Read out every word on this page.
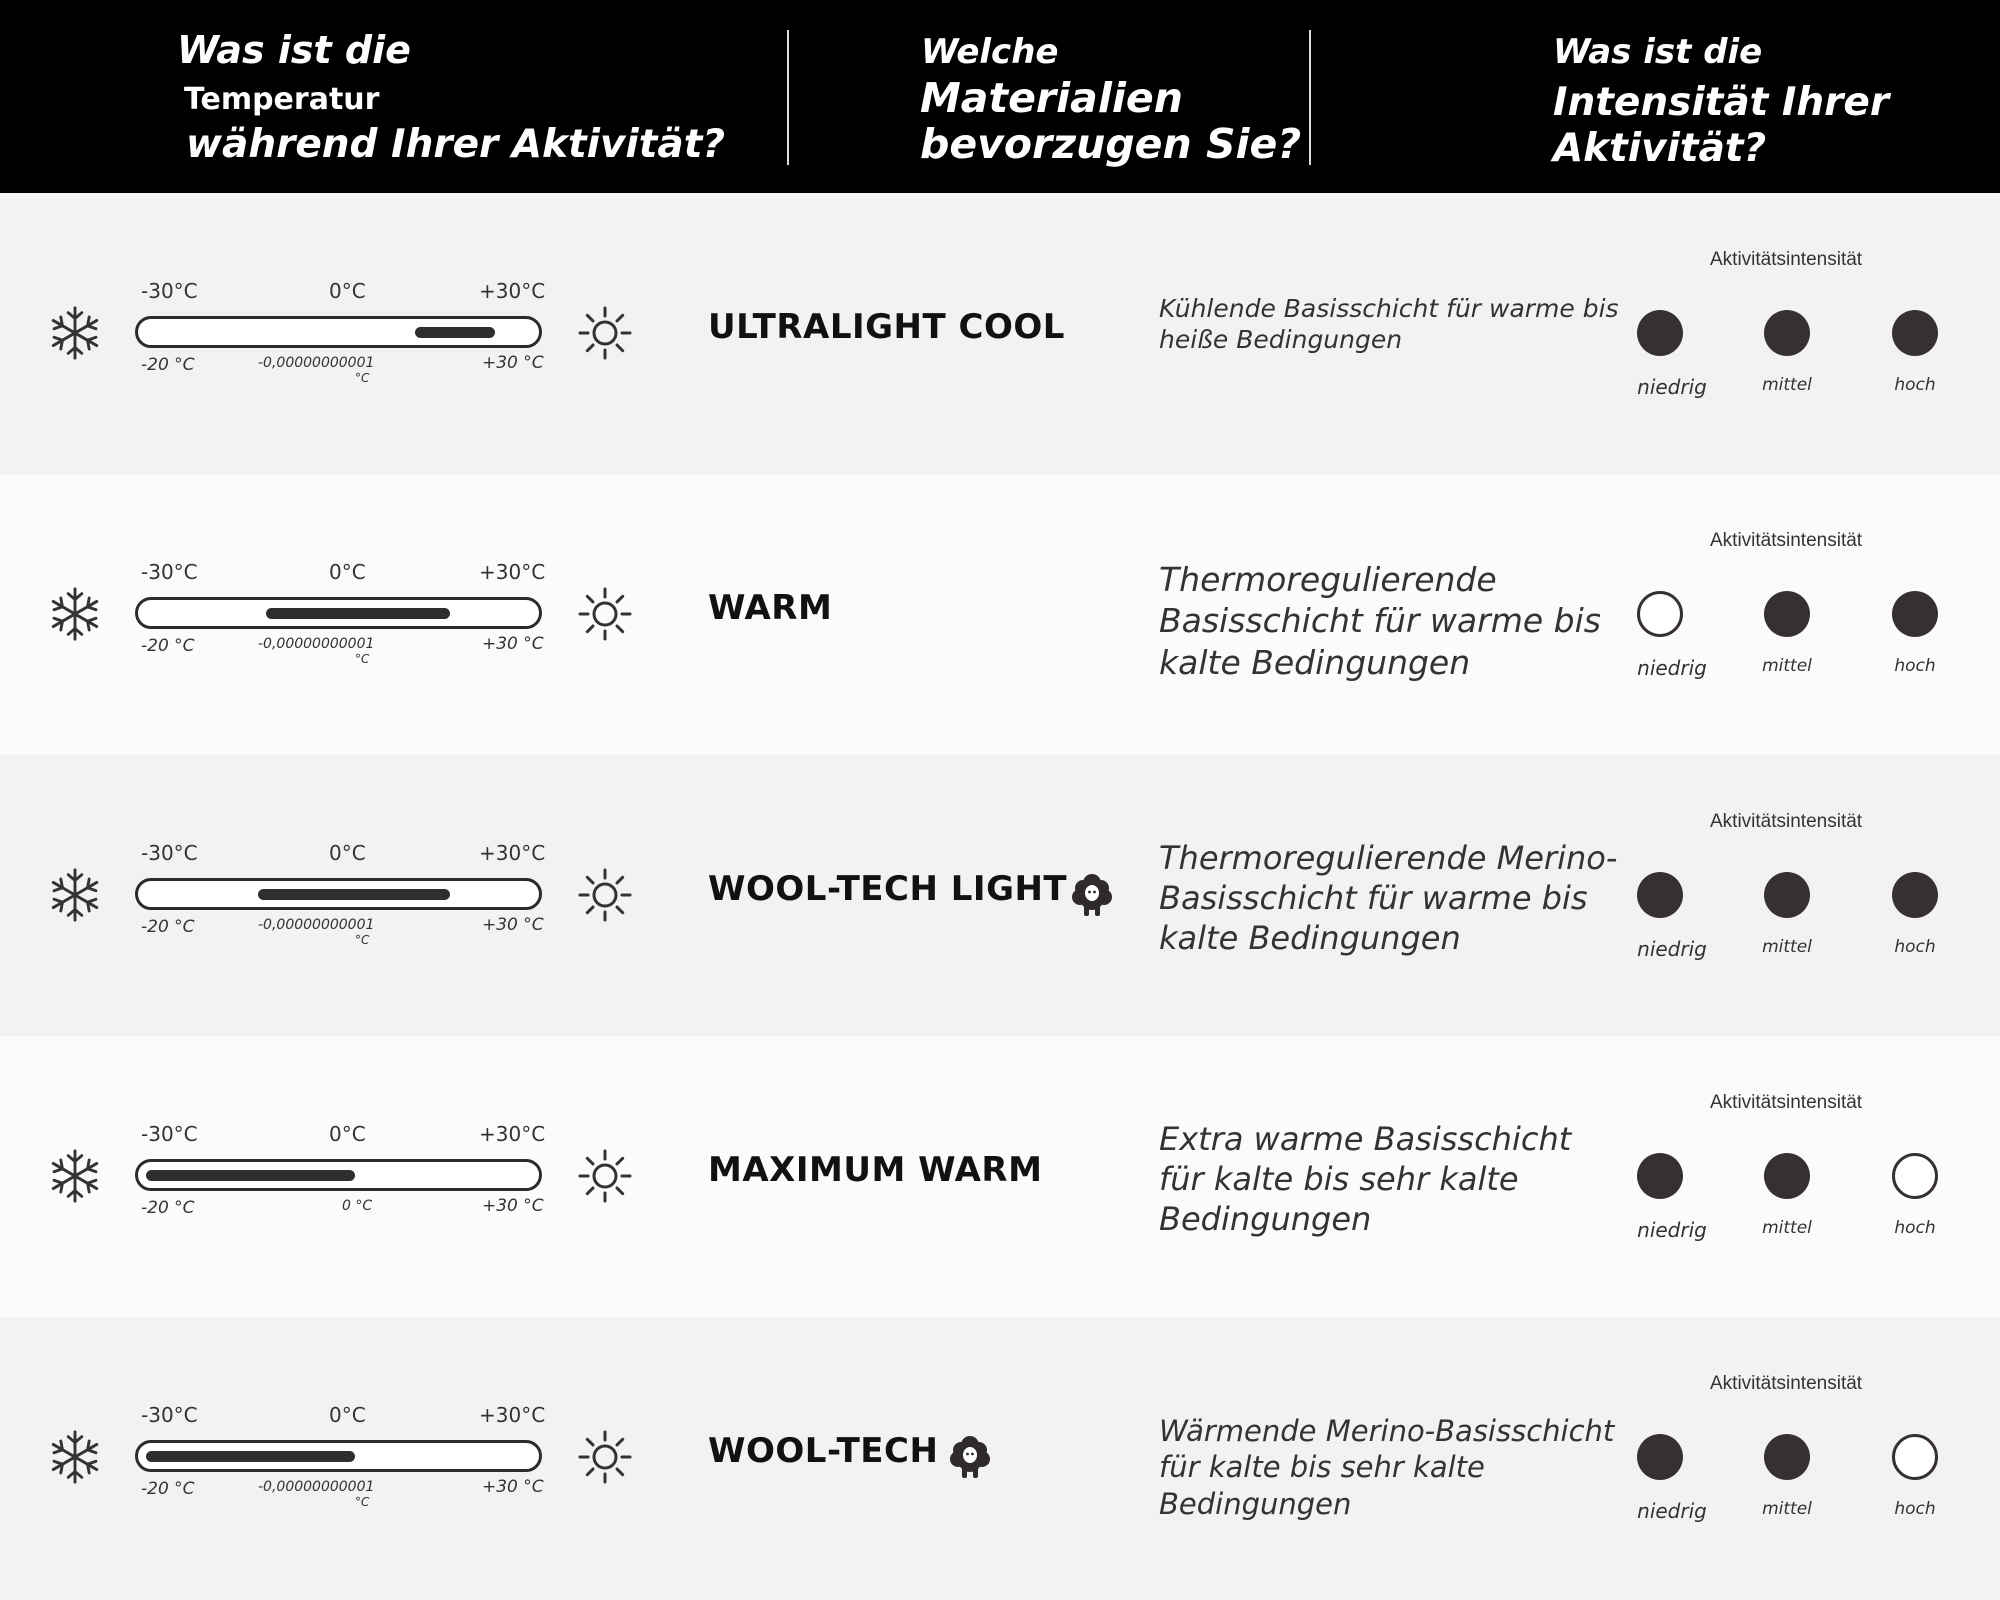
Was ist die
Temperatur
während Ihrer Aktivität?
Welche
Materialien
bevorzugen Sie?
Was ist die
Intensität Ihrer
Aktivität?
-30°C	0°C	+30°C
-20 °C	-0,00000000001
°C
+30 °C
ULTRALIGHT COOL	Kühlende Basisschicht für warme bis heiße Bedingungen
Aktivitätsintensität
niedrig	mittel	hoch
-30°C	0°C	+30°C
-20 °C	-0,00000000001
°C
+30 °C
WARM
Thermoregulierende Basisschicht für warme bis kalte Bedingungen
Aktivitätsintensität
niedrig	mittel	hoch
-30°C	0°C	+30°C
-20 °C	-0,00000000001
°C
+30 °C
WOOL-TECH LIGHT
Thermoregulierende Merino-Basisschicht für warme bis kalte Bedingungen
Aktivitätsintensität
niedrig	mittel	hoch
-30°C	0°C	+30°C
-20 °C	0 °C	+30 °C
MAXIMUM WARM
Extra warme Basisschicht für kalte bis sehr kalte Bedingungen
Aktivitätsintensität
niedrig	mittel	hoch
-30°C	0°C	+30°C
-20 °C	-0,00000000001
°C
+30 °C
WOOL-TECH	Wärmende Merino-Basisschicht für kalte bis sehr kalte Bedingungen
Aktivitätsintensität
niedrig	mittel	hoch
